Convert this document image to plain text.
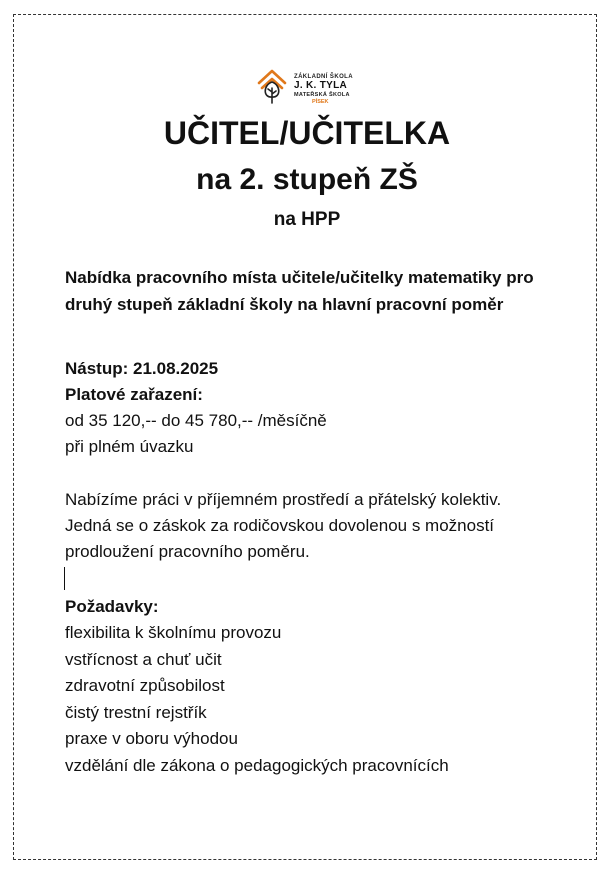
ZÁKLADNÍ ŠKOLA
J. K. TYLA
MATEŘSKÁ ŠKOLA
PÍSEK
UČITEL/UČITELKA
na 2. stupeň ZŠ
na HPP

Nabídka pracovního místa učitele/učitelky matematiky pro druhý stupeň základní školy na hlavní pracovní poměr

Nástup: 21.08.2025

Platové zařazení:

od 35 120,-- do 45 780,-- /měsíčně

při plném úvazku

Nabízíme práci v příjemném prostředí a přátelský kolektiv.

Jedná se o záskok za rodičovskou dovolenou s možností prodloužení pracovního poměru.

Požadavky:

flexibilita k školnímu provozu
vstřícnost a chuť učit
zdravotní způsobilost
čistý trestní rejstřík
praxe v oboru výhodou
vzdělání dle zákona o pedagogických pracovnících
